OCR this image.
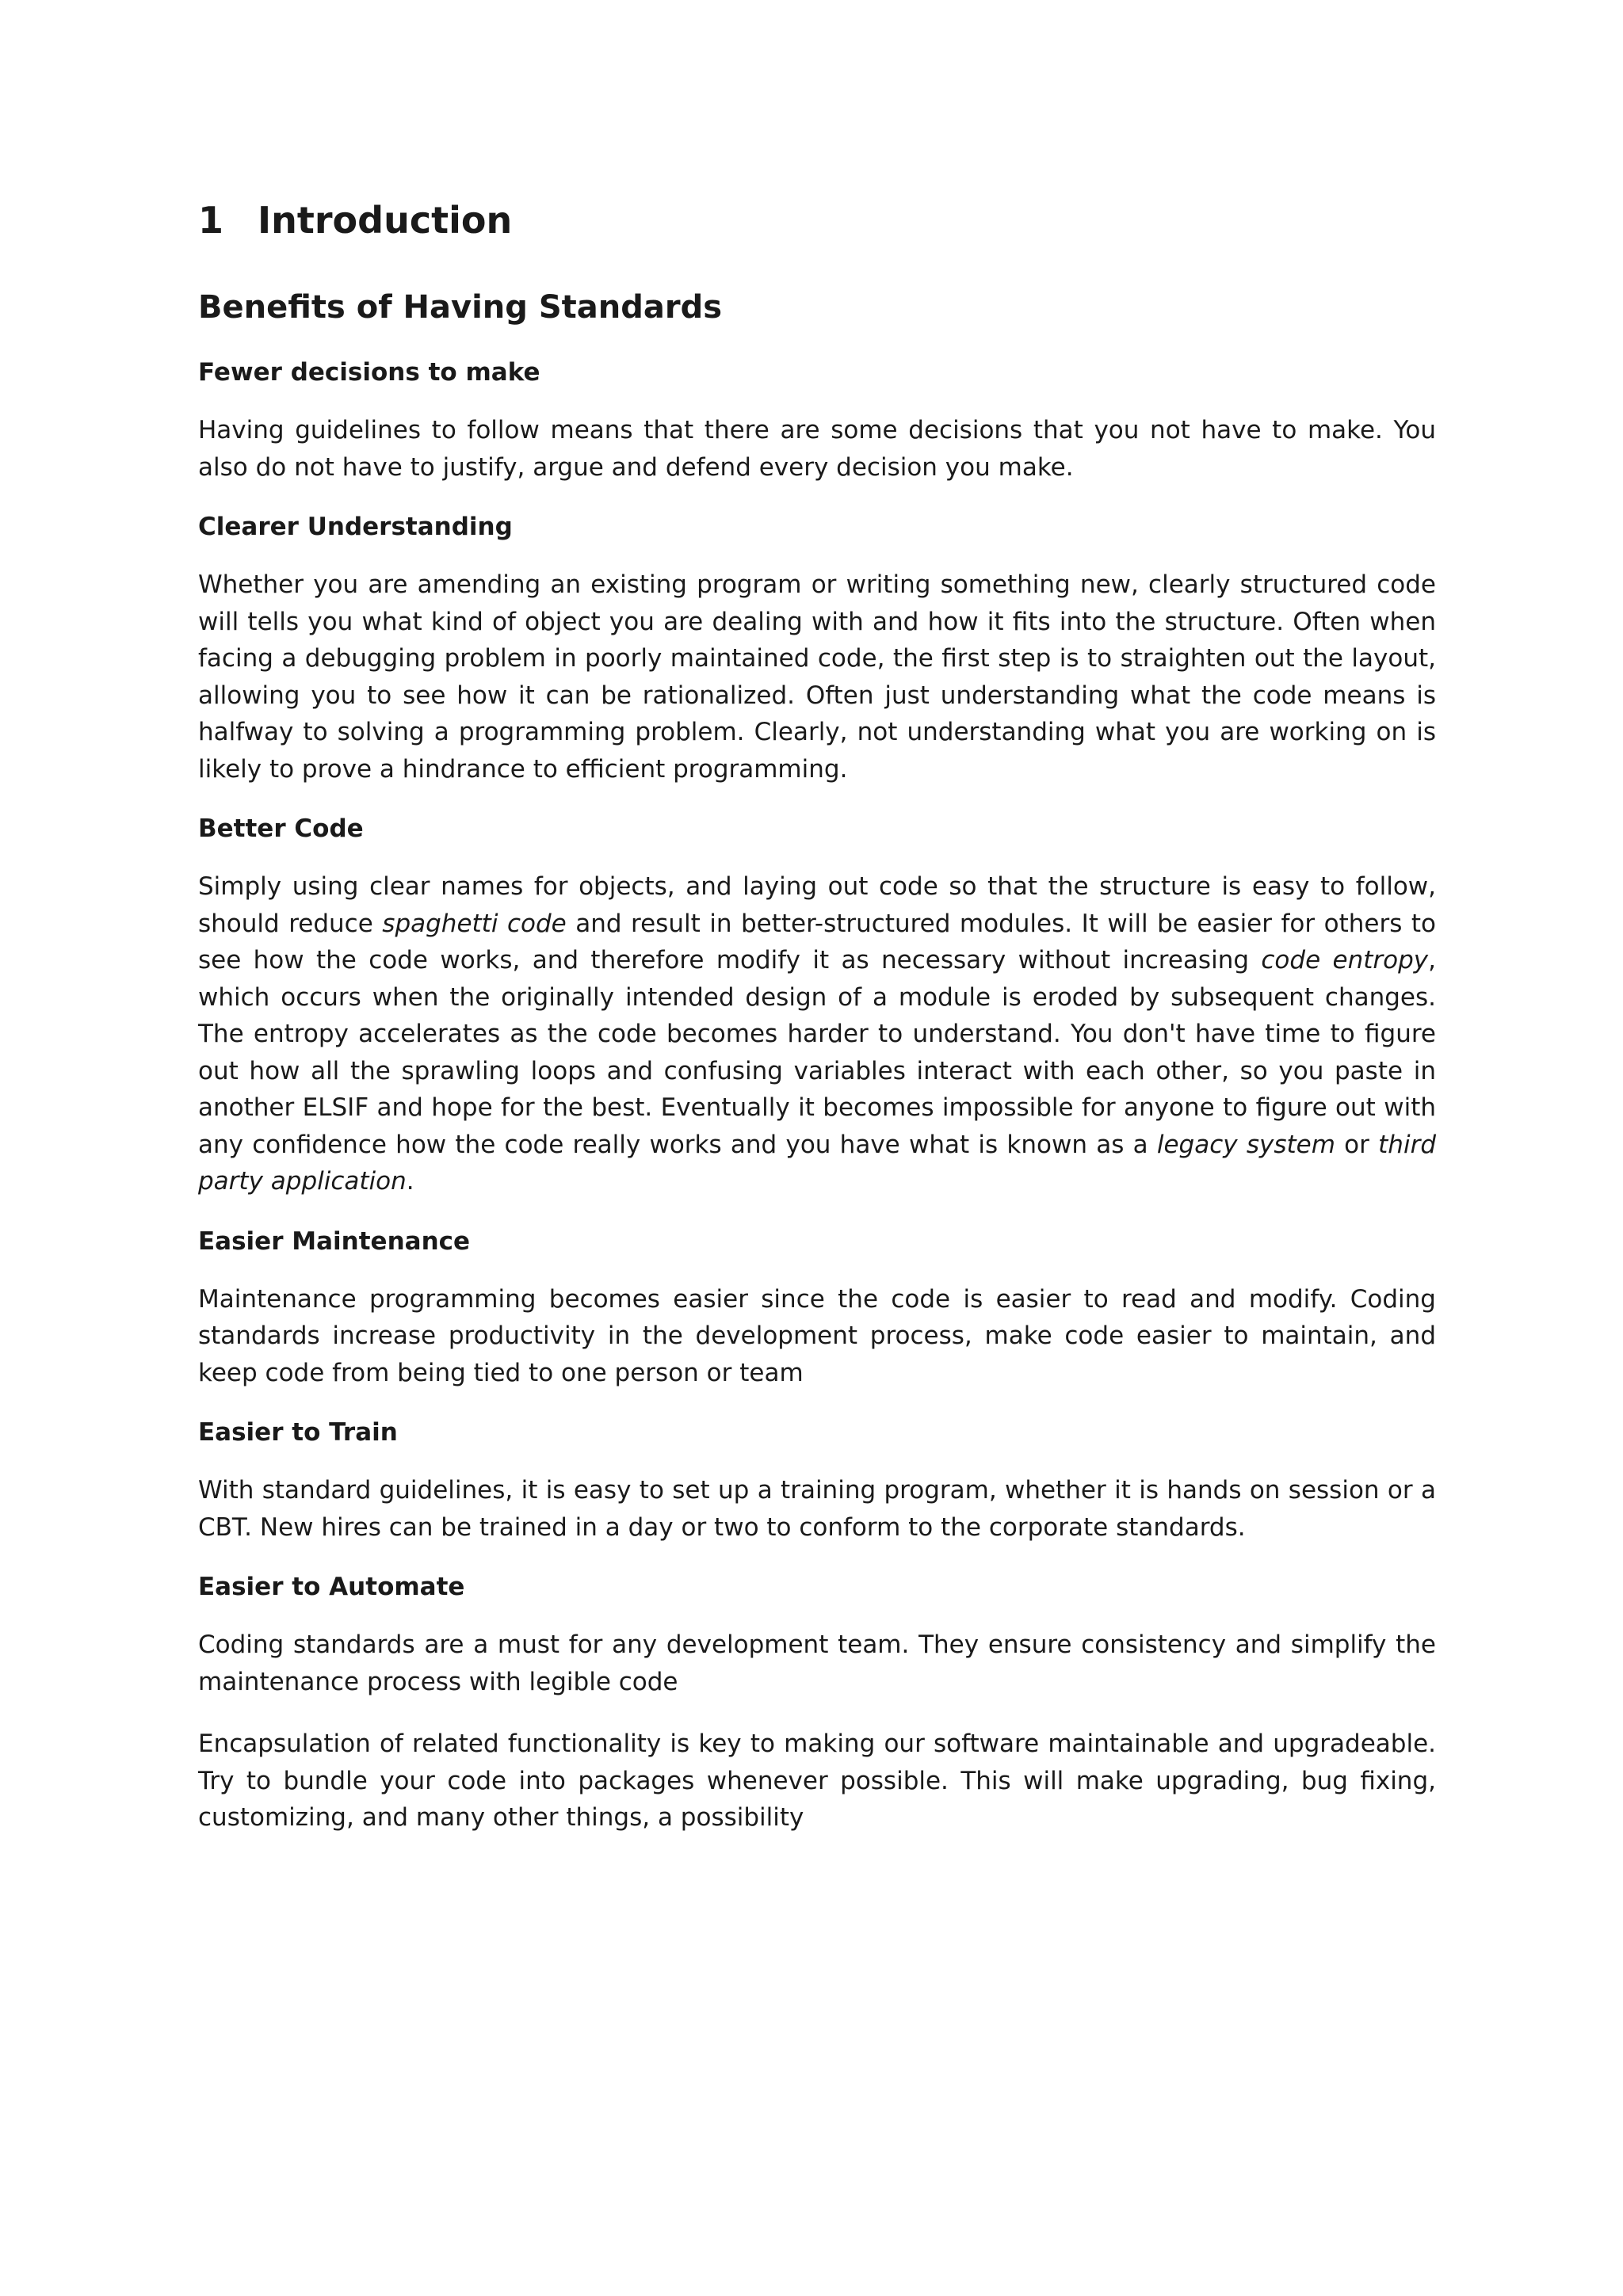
1 Introduction
Benefits of Having Standards
Fewer decisions to make

Having guidelines to follow means that there are some decisions that you not have to make. You also do not have to justify, argue and defend every decision you make.

Clearer Understanding

Whether you are amending an existing program or writing something new, clearly structured code will tells you what kind of object you are dealing with and how it fits into the structure. Often when facing a debugging problem in poorly maintained code, the first step is to straighten out the layout, allowing you to see how it can be rationalized. Often just understanding what the code means is halfway to solving a programming problem. Clearly, not understanding what you are working on is likely to prove a hindrance to efficient programming.

Better Code

Simply using clear names for objects, and laying out code so that the structure is easy to follow, should reduce spaghetti code and result in better-structured modules. It will be easier for others to see how the code works, and therefore modify it as necessary without increasing code entropy, which occurs when the originally intended design of a module is eroded by subsequent changes. The entropy accelerates as the code becomes harder to understand. You don't have time to figure out how all the sprawling loops and confusing variables interact with each other, so you paste in another ELSIF and hope for the best. Eventually it becomes impossible for anyone to figure out with any confidence how the code really works and you have what is known as a legacy system or third party application.

Easier Maintenance

Maintenance programming becomes easier since the code is easier to read and modify. Coding standards increase productivity in the development process, make code easier to maintain, and keep code from being tied to one person or team

Easier to Train

With standard guidelines, it is easy to set up a training program, whether it is hands on session or a CBT. New hires can be trained in a day or two to conform to the corporate standards.

Easier to Automate

Coding standards are a must for any development team. They ensure consistency and simplify the maintenance process with legible code

Encapsulation of related functionality is key to making our software maintainable and upgradeable. Try to bundle your code into packages whenever possible. This will make upgrading, bug fixing, customizing, and many other things, a possibility
